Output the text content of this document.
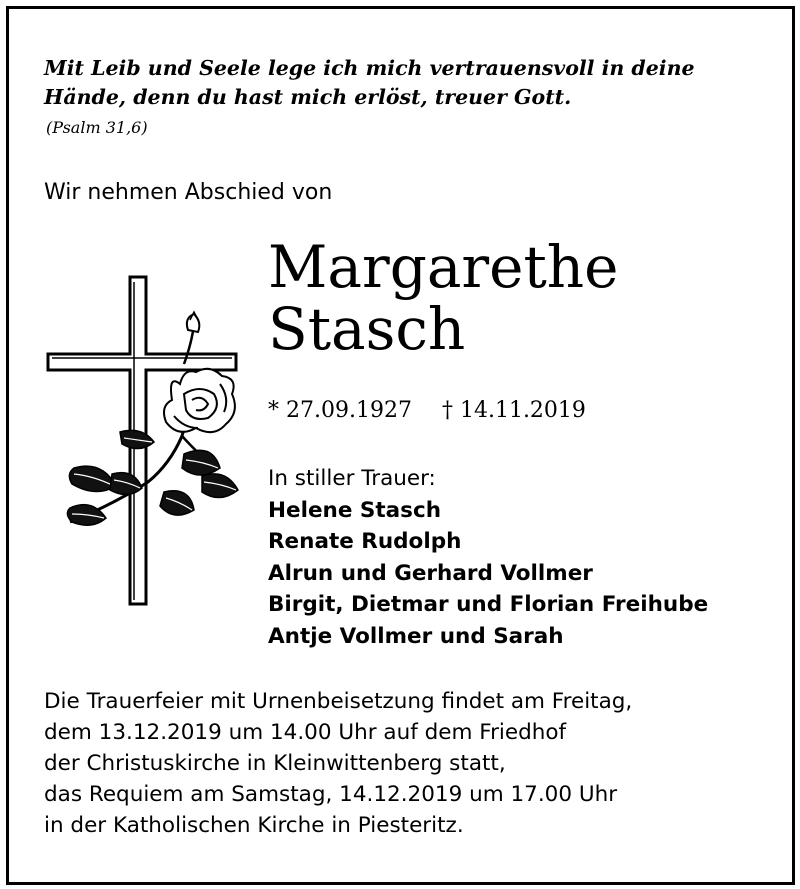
Mit Leib und Seele lege ich mich vertrauensvoll in deine
Hände, denn du hast mich erlöst, treuer Gott.
(Psalm 31,6)
Wir nehmen Abschied von
Margarethe
Stasch
* 27.09.1927 † 14.11.2019
In stiller Trauer:
Helene Stasch
Renate Rudolph
Alrun und Gerhard Vollmer
Birgit, Dietmar und Florian Freihube
Antje Vollmer und Sarah
Die Trauerfeier mit Urnenbeisetzung findet am Freitag,
dem 13.12.2019 um 14.00 Uhr auf dem Friedhof
der Christuskirche in Kleinwittenberg statt,
das Requiem am Samstag, 14.12.2019 um 17.00 Uhr
in der Katholischen Kirche in Piesteritz.
